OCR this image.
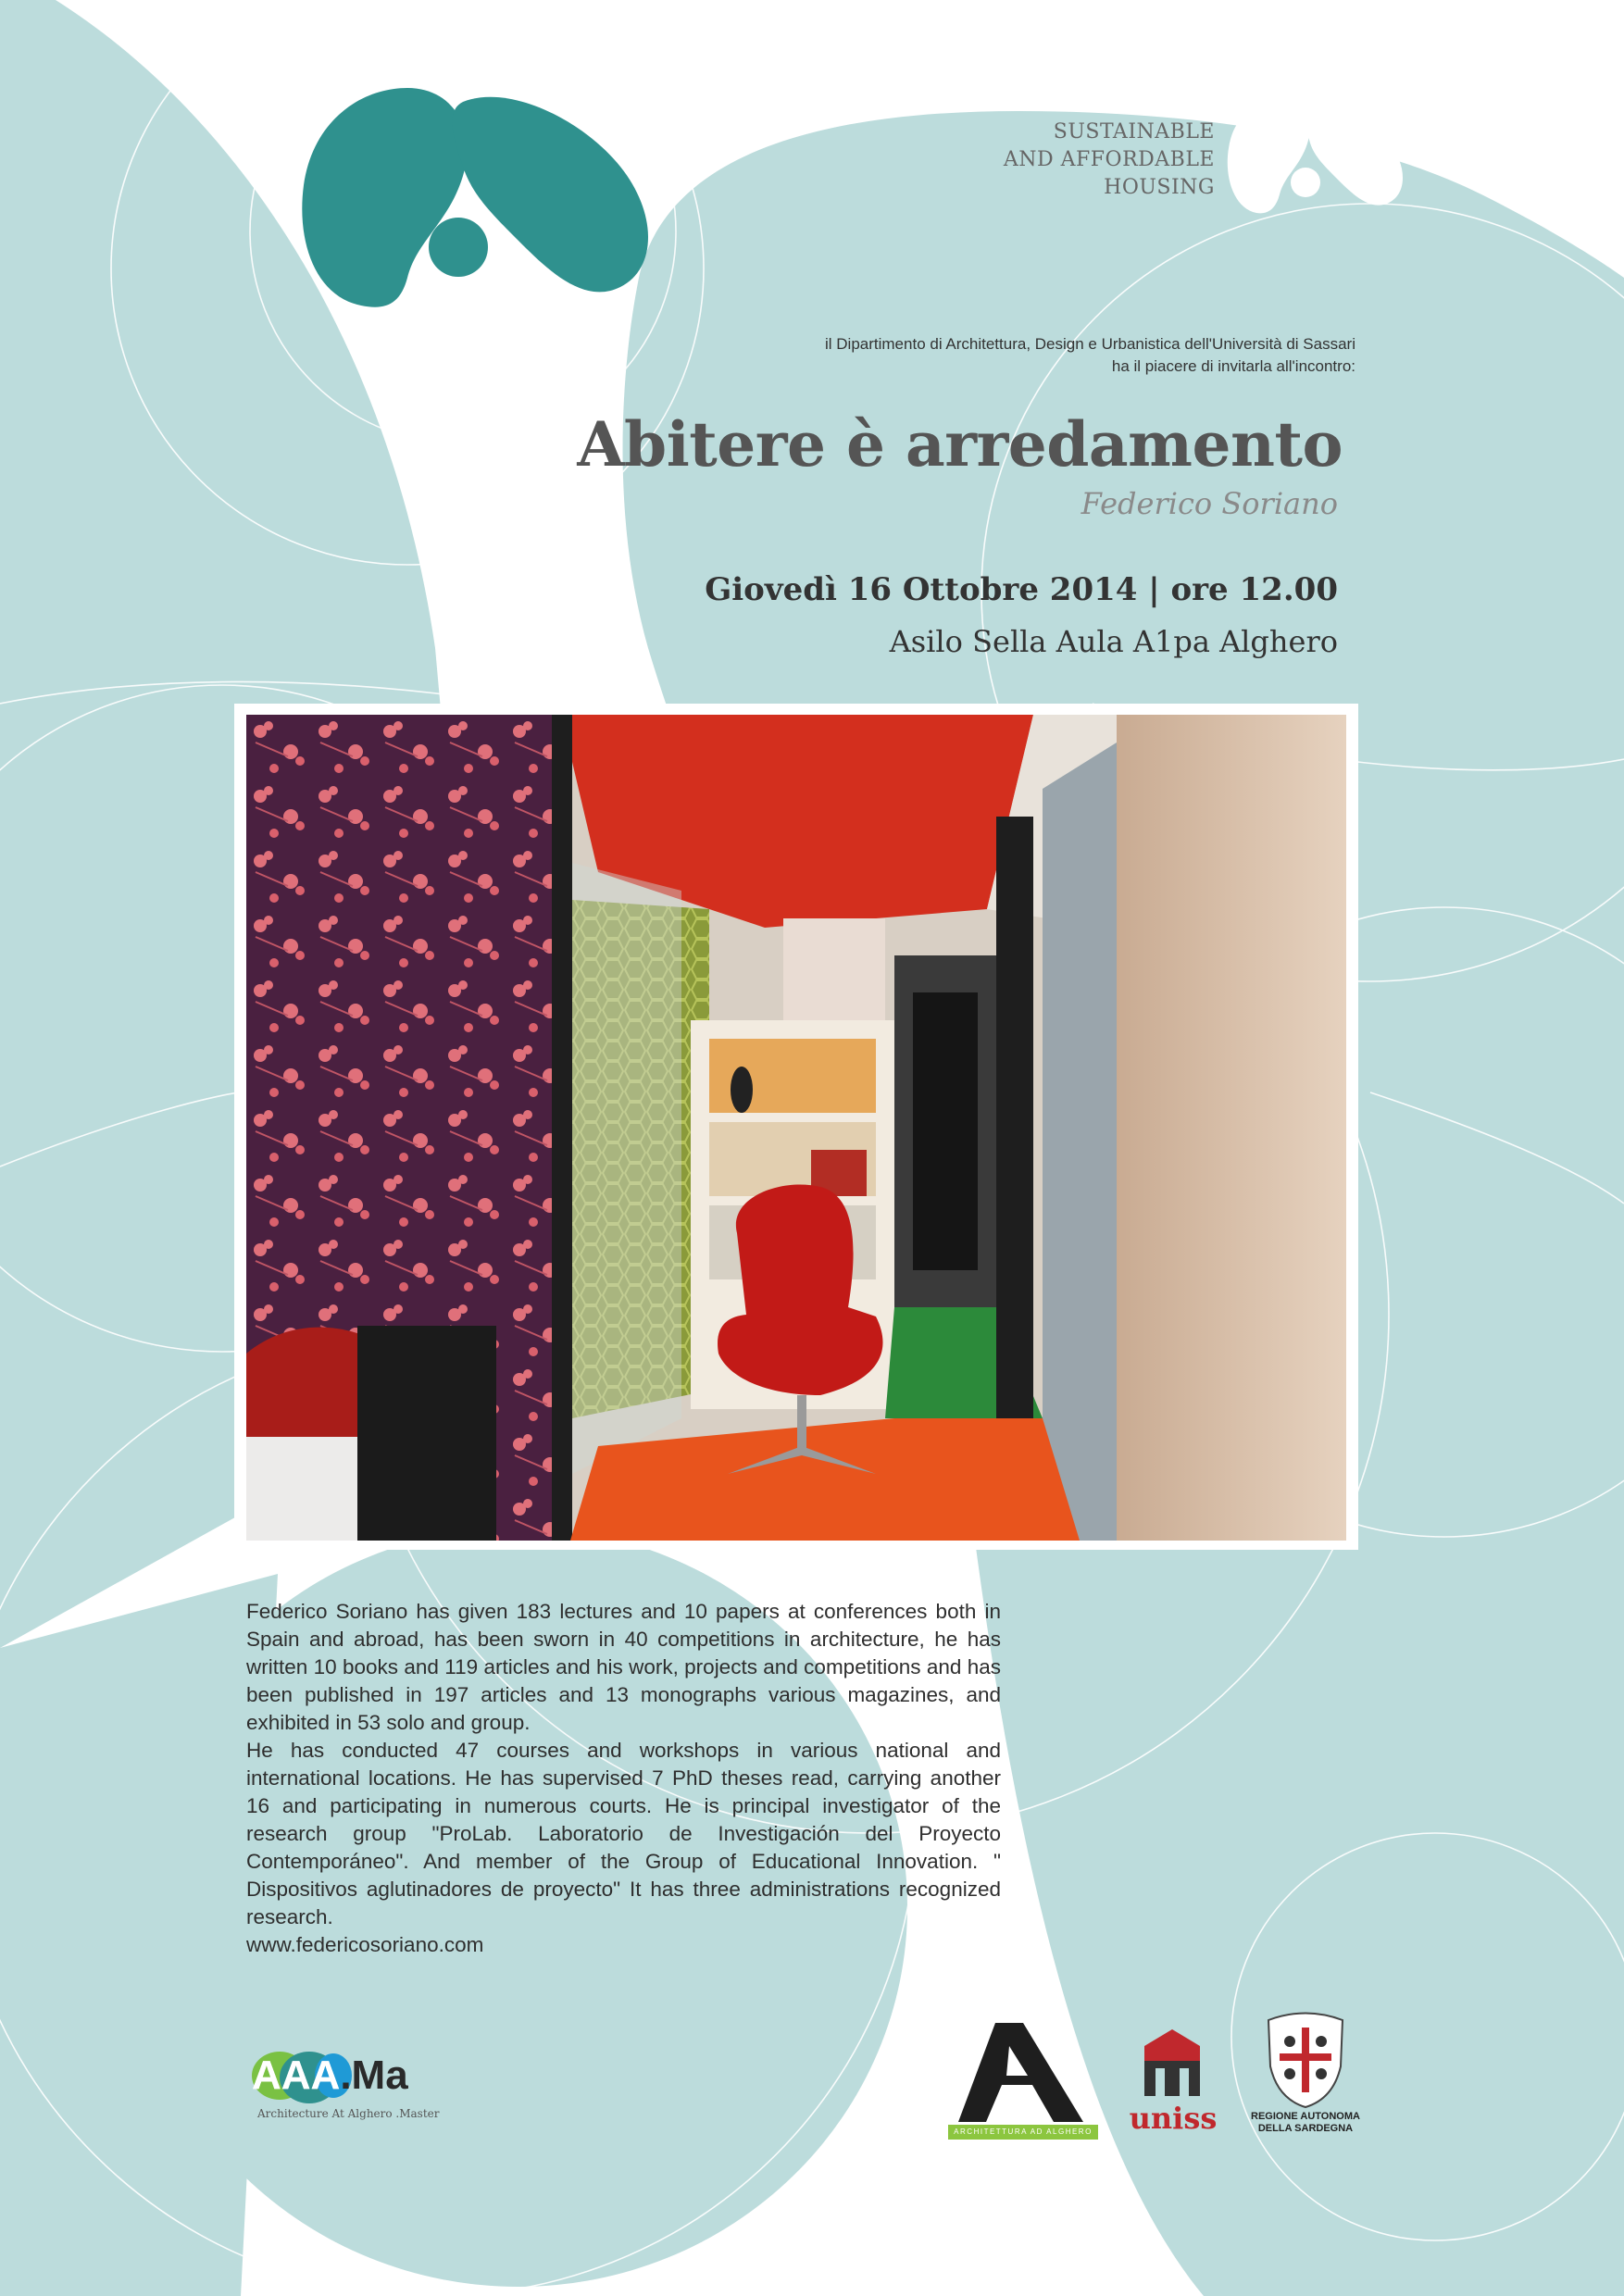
SUSTAINABLE
AND AFFORDABLE
HOUSING
il Dipartimento di Architettura, Design e Urbanistica dell'Università di Sassari
ha il piacere di invitarla all'incontro:
Abitere è arredamento
Federico Soriano
Giovedì 16 Ottobre 2014 | ore 12.00
Asilo Sella Aula A1pa Alghero

Federico Soriano has given 183 lectures and 10 papers at conferences both in Spain and abroad, has been sworn in 40 competitions in architecture, he has written 10 books and 119 articles and his work, projects and competitions and has been published in 197 articles and 13 monographs various magazines, and exhibited in 53 solo and group.

He has conducted 47 courses and workshops in various national and international locations. He has supervised 7 PhD theses read, carrying another 16 and participating in numerous courts. He is principal investigator of the research group "ProLab. Laboratorio de Investigación del Proyecto Contemporáneo". And member of the Group of Educational Innovation. " Dispositivos aglutinadores de proyecto" It has three administrations recognized research.

www.federicosoriano.com

AAA.Ma
Architecture At Alghero .Master
ARCHITETTURA AD ALGHERO uniss	REGIONE AUTONOMA
DELLA SARDEGNA
